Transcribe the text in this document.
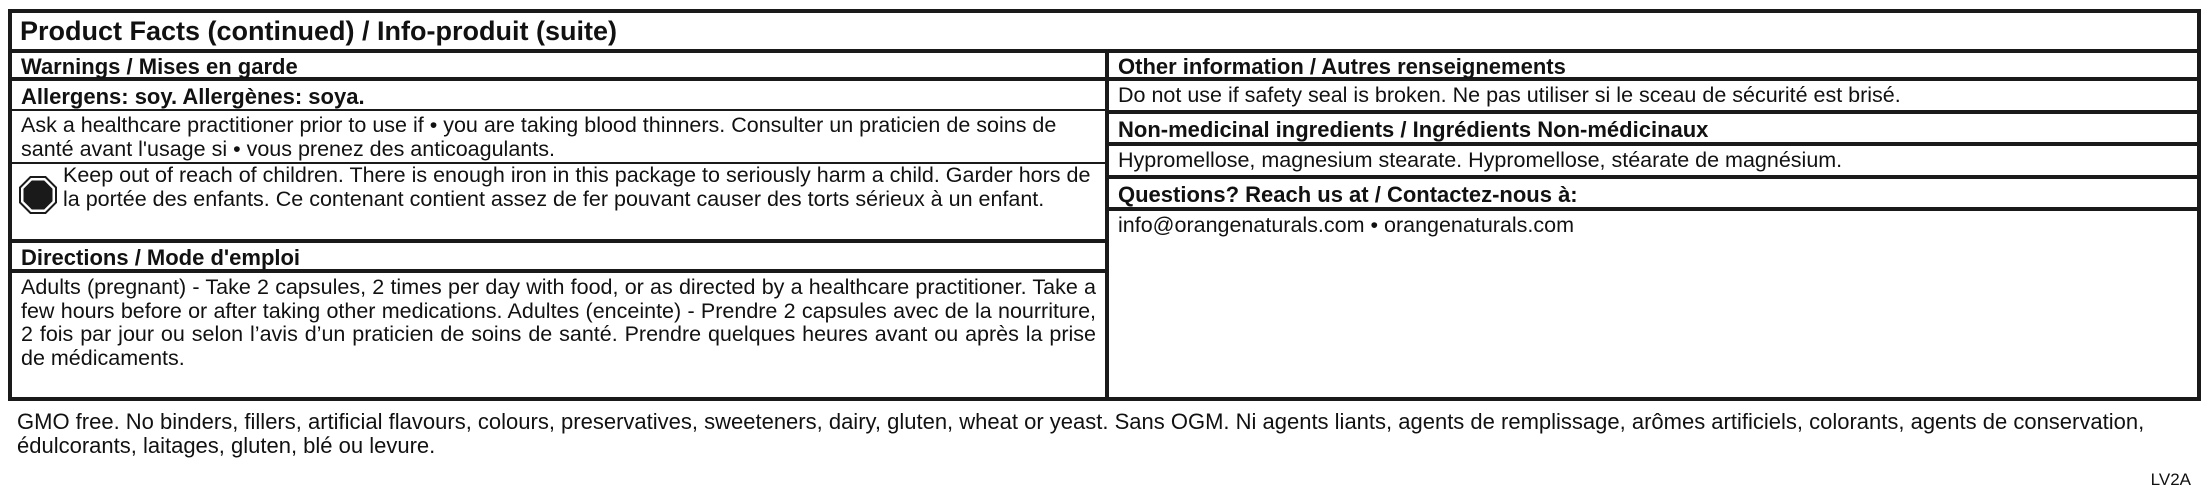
Product Facts (continued) / Info-produit (suite)
Warnings / Mises en garde
Allergens: soy. Allergènes: soya.
Ask a healthcare practitioner prior to use if • you are taking blood thinners. Consulter un praticien de soins de santé avant l'usage si • vous prenez des anticoagulants.
Keep out of reach of children. There is enough iron in this package to seriously harm a child. Garder hors de la portée des enfants. Ce contenant contient assez de fer pouvant causer des torts sérieux à un enfant.
Directions / Mode d'emploi
Adults (pregnant) - Take 2 capsules, 2 times per day with food, or as directed by a healthcare practitioner. Take a few hours before or after taking other medications. Adultes (enceinte) - Prendre 2 capsules avec de la nourriture, 2 fois par jour ou selon l’avis d’un praticien de soins de santé. Prendre quelques heures avant ou après la prise de médicaments.
Other information / Autres renseignements
Do not use if safety seal is broken. Ne pas utiliser si le sceau de sécurité est brisé.
Non-medicinal ingredients / Ingrédients Non-médicinaux
Hypromellose, magnesium stearate. Hypromellose, stéarate de magnésium.
Questions? Reach us at / Contactez-nous à:
info@orangenaturals.com • orangenaturals.com
GMO free. No binders, fillers, artificial flavours, colours, preservatives, sweeteners, dairy, gluten, wheat or yeast. Sans OGM. Ni agents liants, agents de remplissage, arômes artificiels, colorants, agents de conservation, édulcorants, laitages, gluten, blé ou levure.
LV2A
